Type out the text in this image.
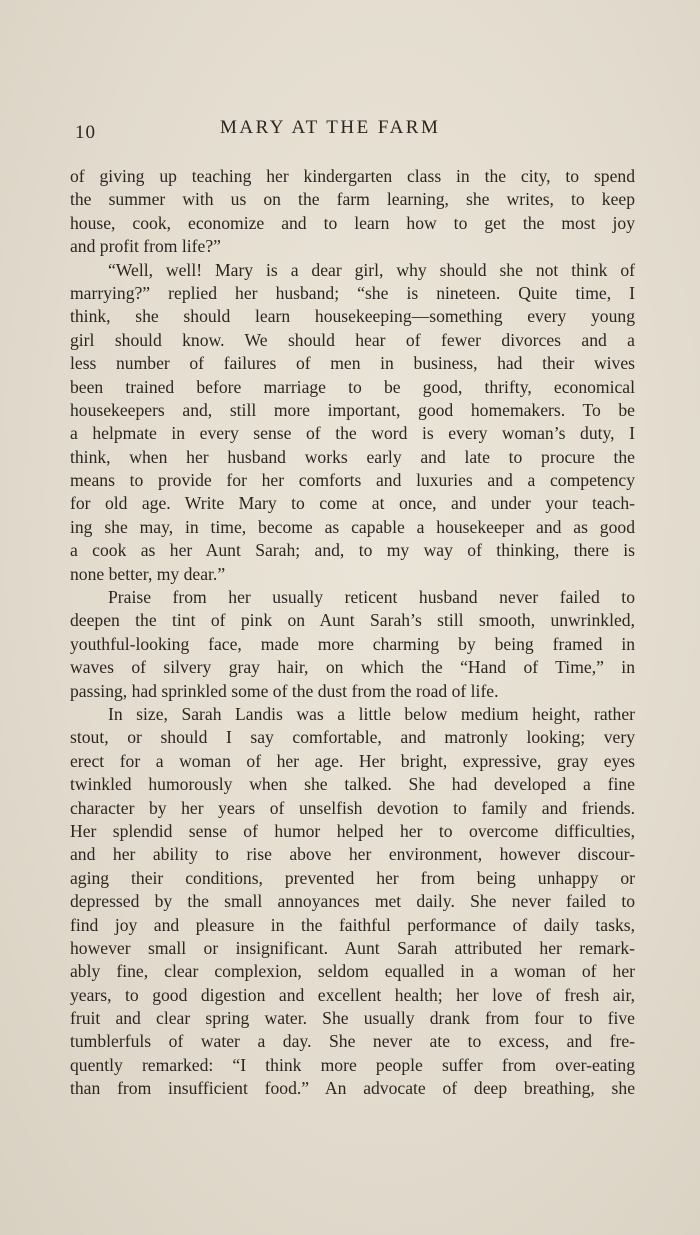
10	MARY AT THE FARM
of giving up teaching her kindergarten class in the city, to spend
the summer with us on the farm learning, she writes, to keep
house, cook, economize and to learn how to get the most joy
and profit from life?”
“Well, well! Mary is a dear girl, why should she not think of
marrying?” replied her husband; “she is nineteen. Quite time, I
think, she should learn housekeeping—something every young
girl should know. We should hear of fewer divorces and a
less number of failures of men in business, had their wives
been trained before marriage to be good, thrifty, economical
housekeepers and, still more important, good homemakers. To be
a helpmate in every sense of the word is every woman’s duty, I
think, when her husband works early and late to procure the
means to provide for her comforts and luxuries and a competency
for old age. Write Mary to come at once, and under your teach-
ing she may, in time, become as capable a housekeeper and as good
a cook as her Aunt Sarah; and, to my way of thinking, there is
none better, my dear.”
Praise from her usually reticent husband never failed to
deepen the tint of pink on Aunt Sarah’s still smooth, unwrinkled,
youthful-looking face, made more charming by being framed in
waves of silvery gray hair, on which the “Hand of Time,” in
passing, had sprinkled some of the dust from the road of life.
In size, Sarah Landis was a little below medium height, rather
stout, or should I say comfortable, and matronly looking; very
erect for a woman of her age. Her bright, expressive, gray eyes
twinkled humorously when she talked. She had developed a fine
character by her years of unselfish devotion to family and friends.
Her splendid sense of humor helped her to overcome difficulties,
and her ability to rise above her environment, however discour-
aging their conditions, prevented her from being unhappy or
depressed by the small annoyances met daily. She never failed to
find joy and pleasure in the faithful performance of daily tasks,
however small or insignificant. Aunt Sarah attributed her remark-
ably fine, clear complexion, seldom equalled in a woman of her
years, to good digestion and excellent health; her love of fresh air,
fruit and clear spring water. She usually drank from four to five
tumblerfuls of water a day. She never ate to excess, and fre-
quently remarked: “I think more people suffer from over-eating
than from insufficient food.” An advocate of deep breathing, she
